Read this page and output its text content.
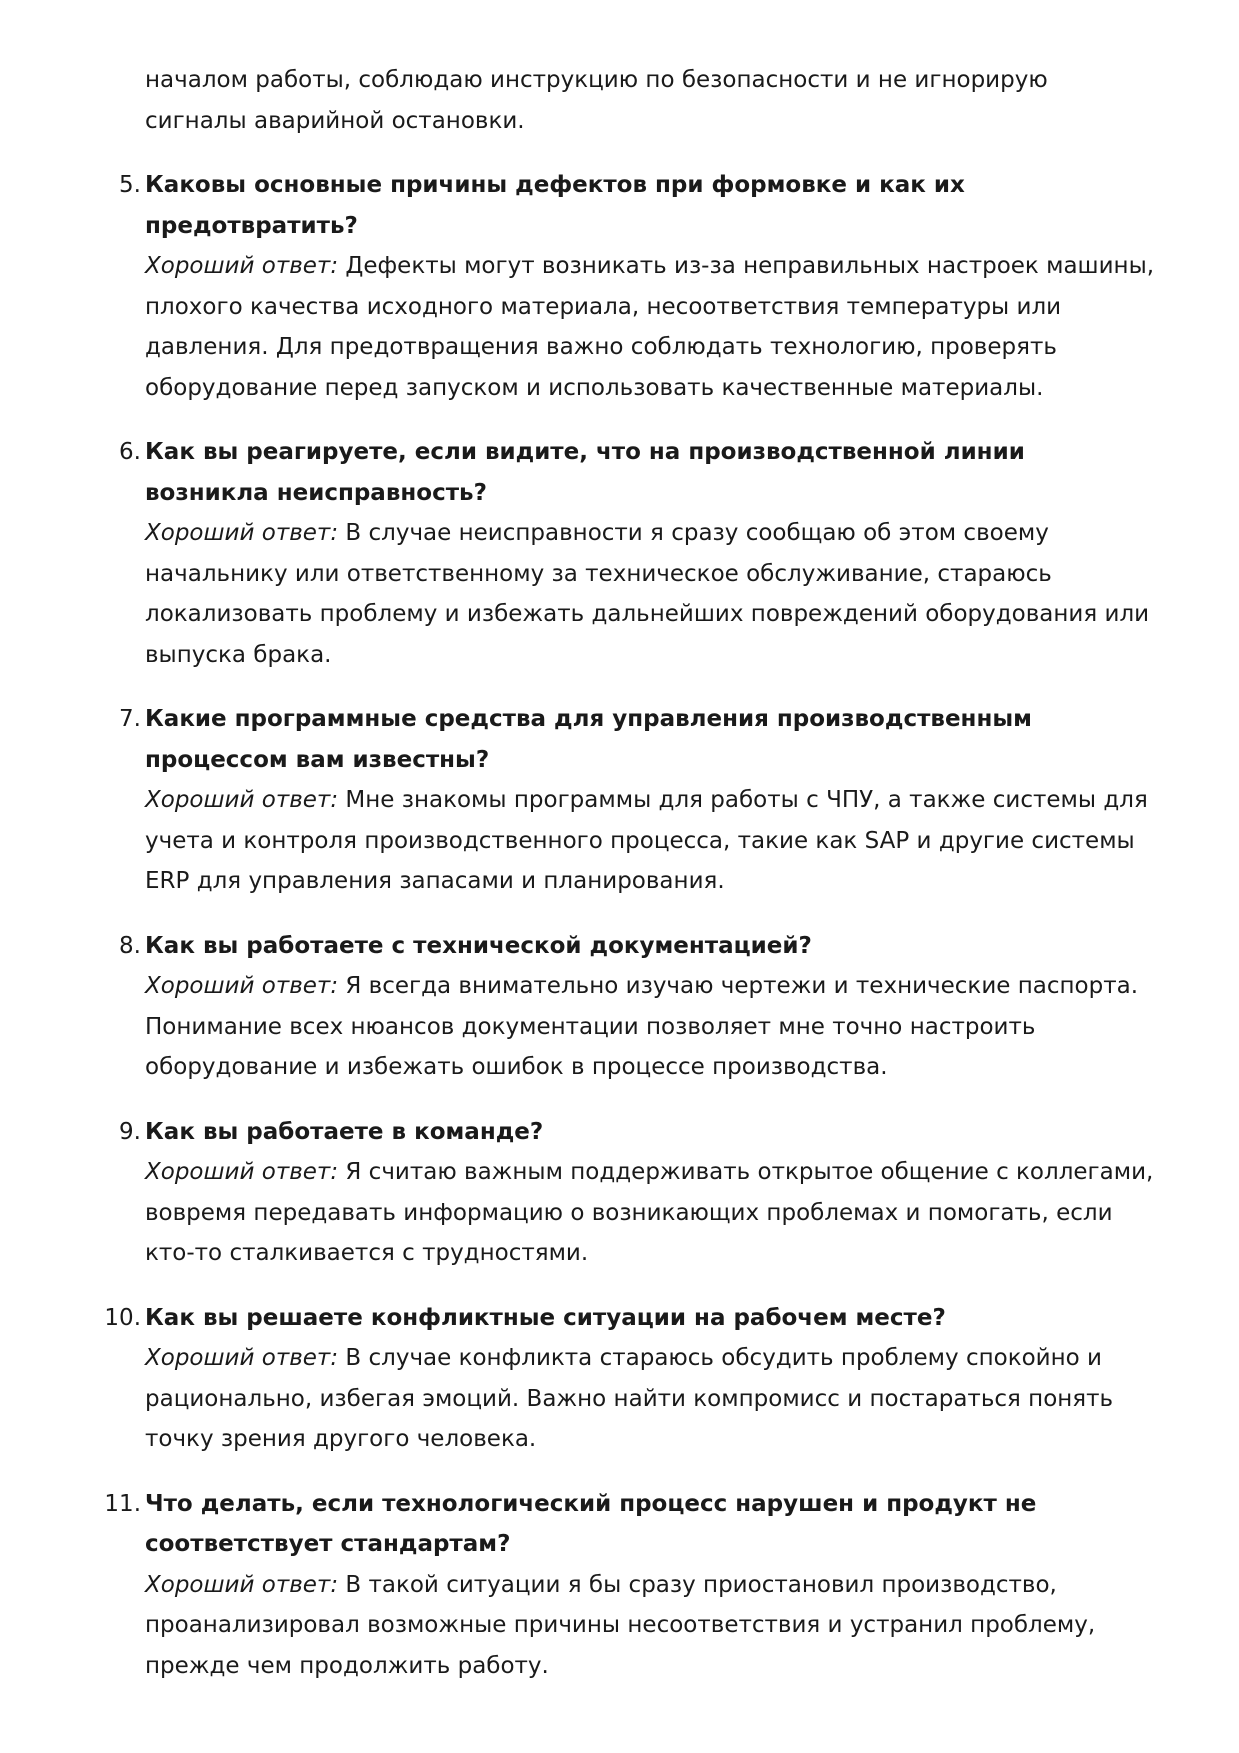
началом работы, соблюдаю инструкцию по безопасности и не игнорирую сигналы аварийной остановки.

5. Каковы основные причины дефектов при формовке и как их предотвратить?
Хороший ответ: Дефекты могут возникать из-за неправильных настроек машины, плохого качества исходного материала, несоответствия температуры или давления. Для предотвращения важно соблюдать технологию, проверять оборудование перед запуском и использовать качественные материалы.
6. Как вы реагируете, если видите, что на производственной линии возникла неисправность?
Хороший ответ: В случае неисправности я сразу сообщаю об этом своему начальнику или ответственному за техническое обслуживание, стараюсь локализовать проблему и избежать дальнейших повреждений оборудования или выпуска брака.
7. Какие программные средства для управления производственным процессом вам известны?
Хороший ответ: Мне знакомы программы для работы с ЧПУ, а также системы для учета и контроля производственного процесса, такие как SAP и другие системы ERP для управления запасами и планирования.
8. Как вы работаете с технической документацией?
Хороший ответ: Я всегда внимательно изучаю чертежи и технические паспорта. Понимание всех нюансов документации позволяет мне точно настроить оборудование и избежать ошибок в процессе производства.
9. Как вы работаете в команде?
Хороший ответ: Я считаю важным поддерживать открытое общение с коллегами, вовремя передавать информацию о возникающих проблемах и помогать, если кто-то сталкивается с трудностями.
10. Как вы решаете конфликтные ситуации на рабочем месте?
Хороший ответ: В случае конфликта стараюсь обсудить проблему спокойно и рационально, избегая эмоций. Важно найти компромисс и постараться понять точку зрения другого человека.
11. Что делать, если технологический процесс нарушен и продукт не соответствует стандартам?
Хороший ответ: В такой ситуации я бы сразу приостановил производство, проанализировал возможные причины несоответствия и устранил проблему, прежде чем продолжить работу.
